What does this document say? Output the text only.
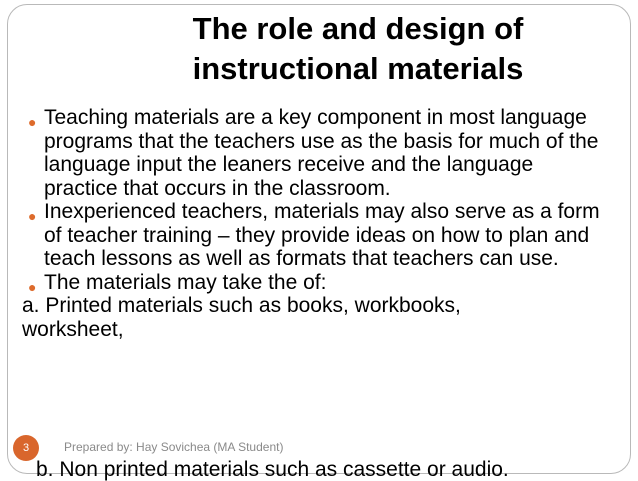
The role and design of
instructional materials
● Teaching materials are a key component in most language programs that the teachers use as the basis for much of the language input the leaners receive and the language practice that occurs in the classroom.
● Inexperienced teachers, materials may also serve as a form of teacher training – they provide ideas on how to plan and teach lessons as well as formats that teachers can use.
● The materials may take the of:
a. Printed materials such as books, workbooks,
worksheet,
b. Non printed materials such as cassette or audio.
3	Prepared by: Hay Sovichea (MA Student)
